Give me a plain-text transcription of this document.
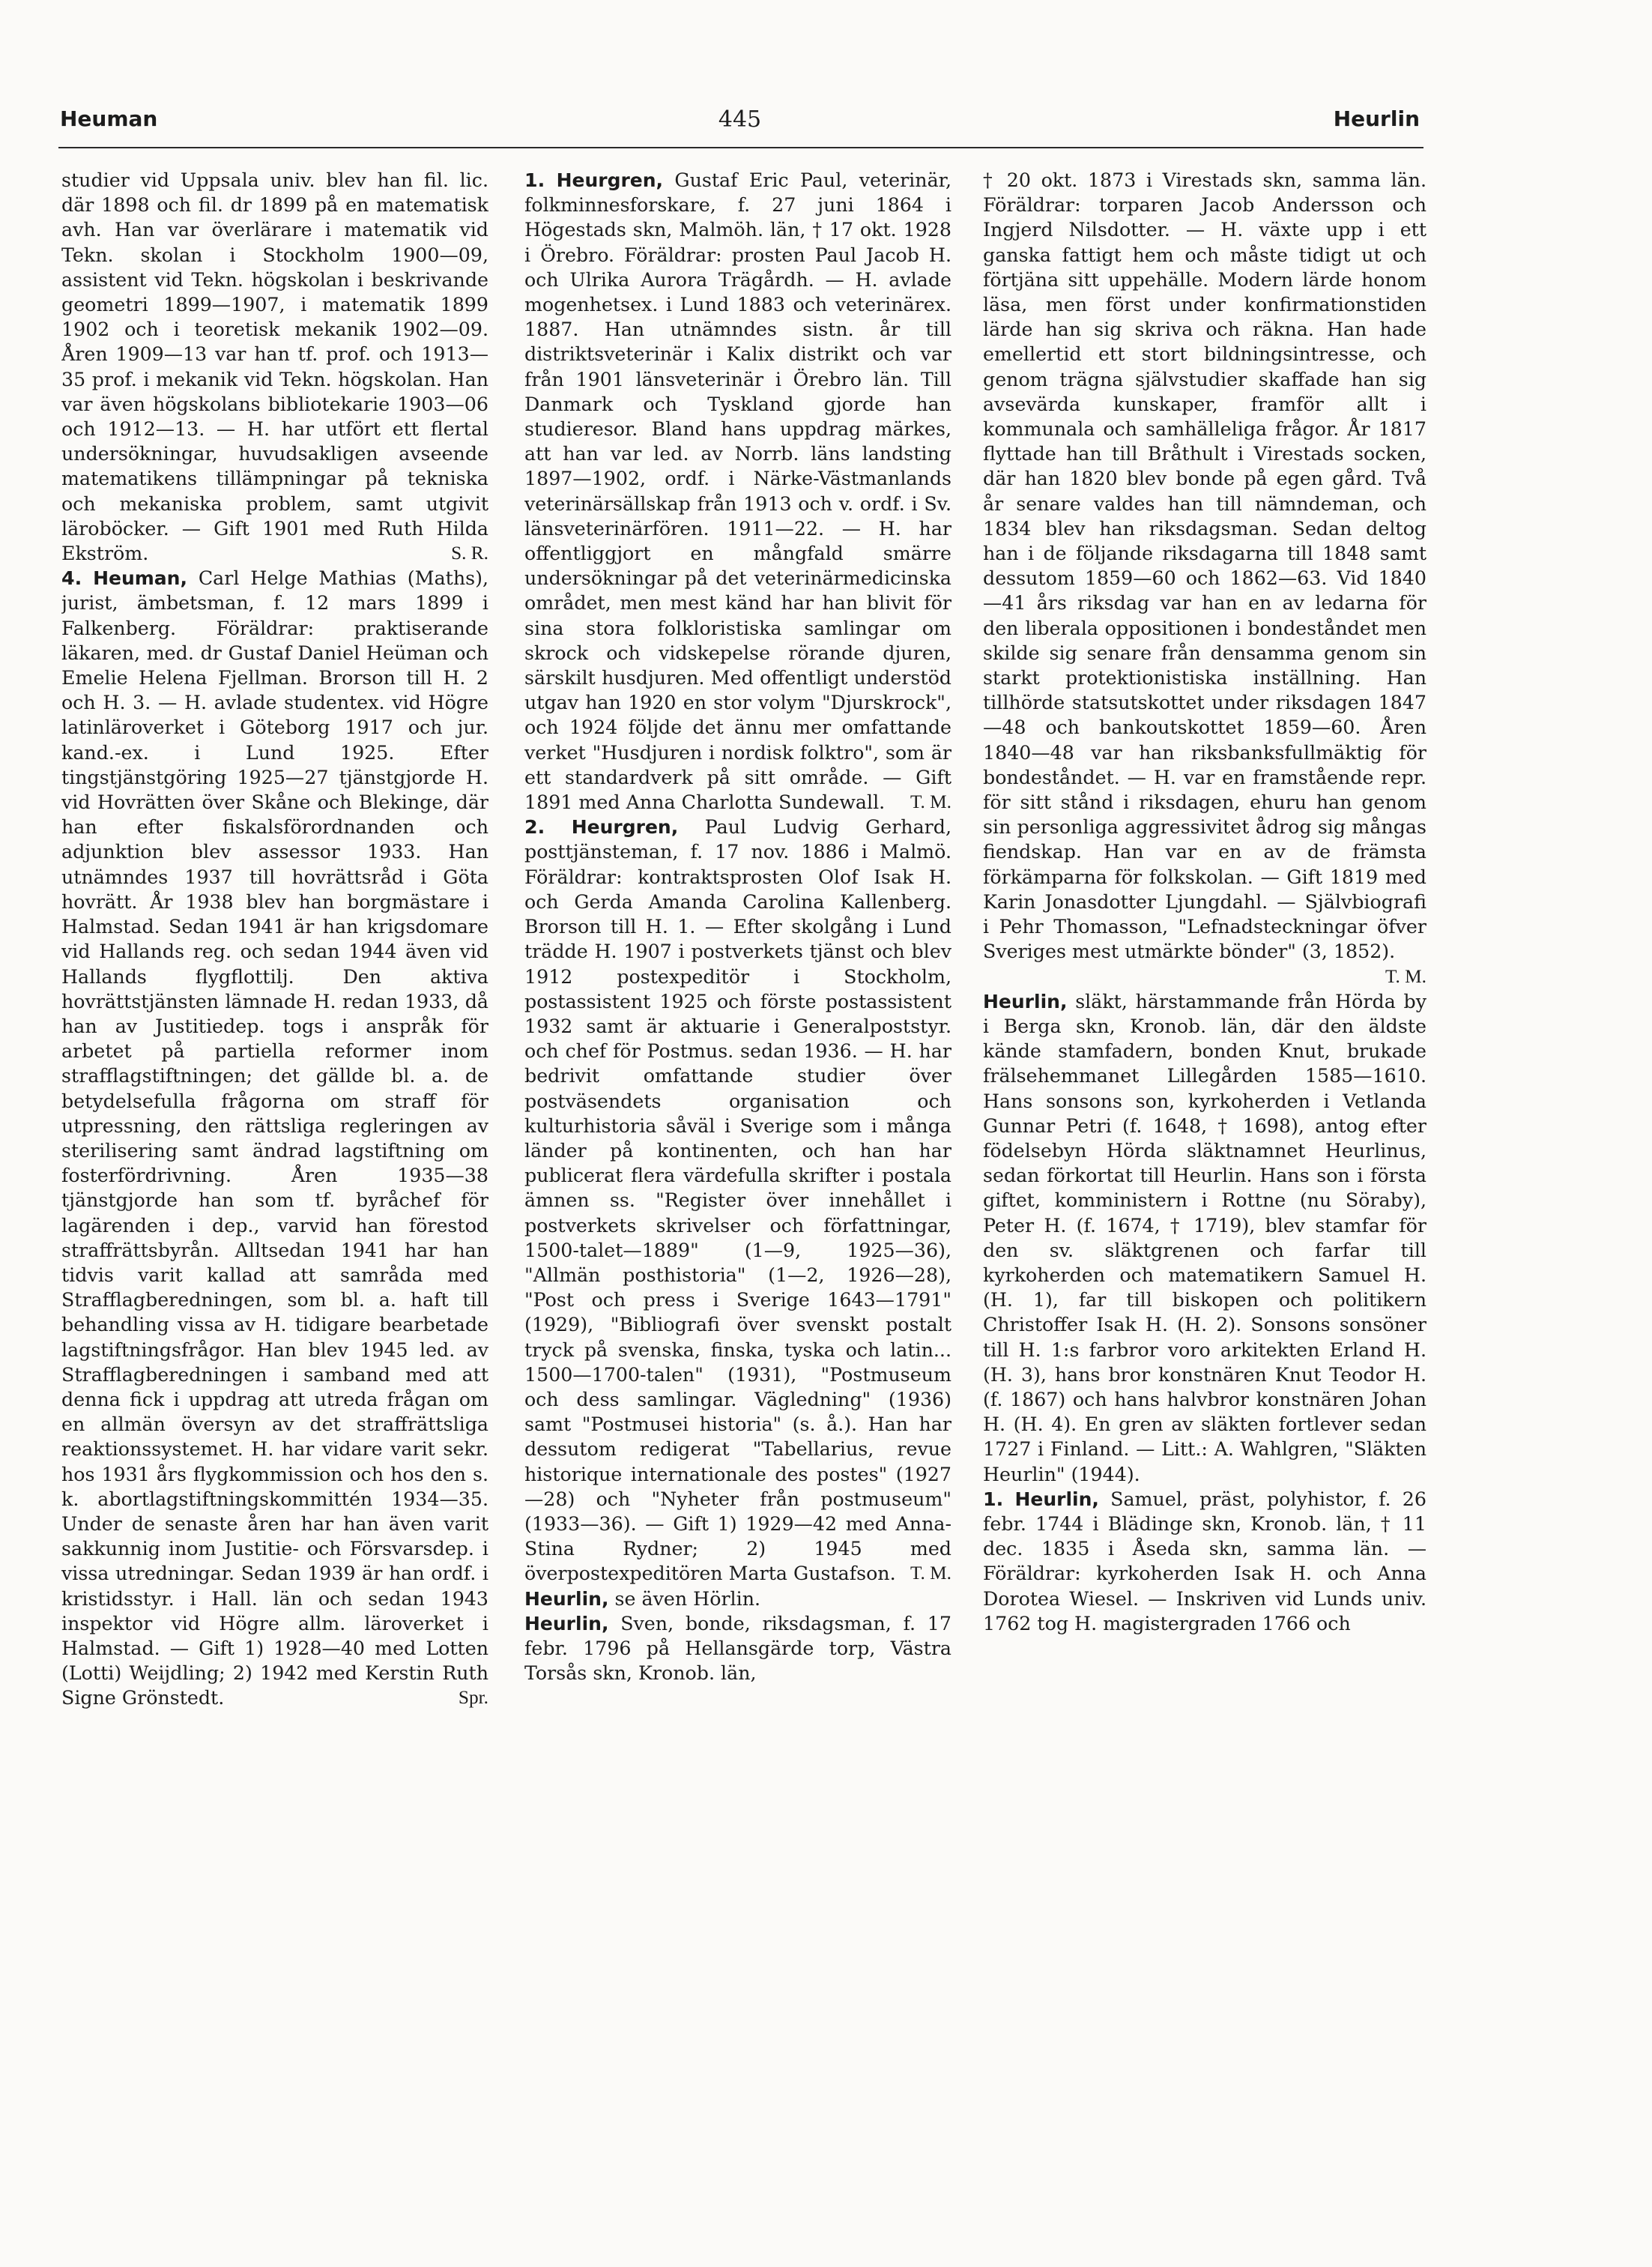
Heuman	445	Heurlin

studier vid Uppsala univ. blev han fil. lic. där 1898 och fil. dr 1899 på en matematisk avh. Han var överlärare i matematik vid Tekn. skolan i Stockholm 1900—09, assistent vid Tekn. högskolan i beskrivande geometri 1899—1907, i matematik 1899 1902 och i teoretisk mekanik 1902—09. Åren 1909—13 var han tf. prof. och 1913—35 prof. i mekanik vid Tekn. högskolan. Han var även högskolans bibliotekarie 1903—06 och 1912—13. — H. har utfört ett flertal undersökningar, huvudsakligen avseende matematikens tillämpningar på tekniska och mekaniska problem, samt utgivit läroböcker. — Gift 1901 med Ruth Hilda Ekström.	S. R.

4. Heuman, Carl Helge Mathias (Maths), jurist, ämbetsman, f. 12 mars 1899 i Falkenberg. Föräldrar: praktiserande läkaren, med. dr Gustaf Daniel Heüman och Emelie Helena Fjellman. Brorson till H. 2 och H. 3. — H. avlade studentex. vid Högre latinläroverket i Göteborg 1917 och jur. kand.-ex. i Lund 1925. Efter tingstjänstgöring 1925—27 tjänstgjorde H. vid Hovrätten över Skåne och Blekinge, där han efter fiskalsförordnanden och adjunktion blev assessor 1933. Han utnämndes 1937 till hovrättsråd i Göta hovrätt. År 1938 blev han borgmästare i Halmstad. Sedan 1941 är han krigsdomare vid Hallands reg. och sedan 1944 även vid Hallands flygflottilj. Den aktiva hovrättstjänsten lämnade H. redan 1933, då han av Justitiedep. togs i anspråk för arbetet på partiella reformer inom strafflagstiftningen; det gällde bl. a. de betydelsefulla frågorna om straff för utpressning, den rättsliga regleringen av sterilisering samt ändrad lagstiftning om fosterfördrivning. Åren 1935—38 tjänstgjorde han som tf. byråchef för lagärenden i dep., varvid han förestod straffrättsbyrån. Alltsedan 1941 har han tidvis varit kallad att samråda med Strafflagberedningen, som bl. a. haft till behandling vissa av H. tidigare bearbetade lagstiftningsfrågor. Han blev 1945 led. av Strafflagberedningen i samband med att denna fick i uppdrag att utreda frågan om en allmän översyn av det straffrättsliga reaktionssystemet. H. har vidare varit sekr. hos 1931 års flygkommission och hos den s. k. abortlagstiftningskommittén 1934—35. Under de senaste åren har han även varit sakkunnig inom Justitie- och Försvarsdep. i vissa utredningar. Sedan 1939 är han ordf. i kristidsstyr. i Hall. län och sedan 1943 inspektor vid Högre allm. läroverket i Halmstad. — Gift 1) 1928—40 med Lotten (Lotti) Weijdling; 2) 1942 med Kerstin Ruth Signe Grönstedt.	Spr.

1. Heurgren, Gustaf Eric Paul, veterinär, folkminnesforskare, f. 27 juni 1864 i Högestads skn, Malmöh. län, † 17 okt. 1928 i Örebro. Föräldrar: prosten Paul Jacob H. och Ulrika Aurora Trägårdh. — H. avlade mogenhetsex. i Lund 1883 och veterinärex. 1887. Han utnämndes sistn. år till distriktsveterinär i Kalix distrikt och var från 1901 länsveterinär i Örebro län. Till Danmark och Tyskland gjorde han studieresor. Bland hans uppdrag märkes, att han var led. av Norrb. läns landsting 1897—1902, ordf. i Närke-Västmanlands veterinärsällskap från 1913 och v. ordf. i Sv. länsveterinärfören. 1911—22. — H. har offentliggjort en mångfald smärre undersökningar på det veterinärmedicinska området, men mest känd har han blivit för sina stora folkloristiska samlingar om skrock och vidskepelse rörande djuren, särskilt husdjuren. Med offentligt understöd utgav han 1920 en stor volym "Djurskrock", och 1924 följde det ännu mer omfattande verket "Husdjuren i nordisk folktro", som är ett standardverk på sitt område. — Gift 1891 med Anna Charlotta Sundewall. T. M.

2. Heurgren, Paul Ludvig Gerhard, posttjänsteman, f. 17 nov. 1886 i Malmö. Föräldrar: kontraktsprosten Olof Isak H. och Gerda Amanda Carolina Kallenberg. Brorson till H. 1. — Efter skolgång i Lund trädde H. 1907 i postverkets tjänst och blev 1912 postexpeditör i Stockholm, postassistent 1925 och förste postassistent 1932 samt är aktuarie i Generalpoststyr. och chef för Postmus. sedan 1936. — H. har bedrivit omfattande studier över postväsendets organisation och kulturhistoria såväl i Sverige som i många länder på kontinenten, och han har publicerat flera värdefulla skrifter i postala ämnen ss. "Register över innehållet i postverkets skrivelser och författningar, 1500-talet—1889" (1—9, 1925—36), "Allmän posthistoria" (1—2, 1926—28), "Post och press i Sverige 1643—1791" (1929), "Bibliografi över svenskt postalt tryck på svenska, finska, tyska och latin... 1500—1700-talen" (1931), "Postmuseum och dess samlingar. Vägledning" (1936) samt "Postmusei historia" (s. å.). Han har dessutom redigerat "Tabellarius, revue historique internationale des postes" (1927—28) och "Nyheter från postmuseum" (1933—36). — Gift 1) 1929—42 med Anna-Stina Rydner; 2) 1945 med överpostexpeditören Marta Gustafson. T. M.

Heurlin, se även Hörlin.

Heurlin, Sven, bonde, riksdagsman, f. 17 febr. 1796 på Hellansgärde torp, Västra Torsås skn, Kronob. län,

† 20 okt. 1873 i Virestads skn, samma län. Föräldrar: torparen Jacob Andersson och Ingjerd Nilsdotter. — H. växte upp i ett ganska fattigt hem och måste tidigt ut och förtjäna sitt uppehälle. Modern lärde honom läsa, men först under konfirmationstiden lärde han sig skriva och räkna. Han hade emellertid ett stort bildningsintresse, och genom trägna självstudier skaffade han sig avsevärda kunskaper, framför allt i kommunala och samhälleliga frågor. År 1817 flyttade han till Bråthult i Virestads socken, där han 1820 blev bonde på egen gård. Två år senare valdes han till nämndeman, och 1834 blev han riksdagsman. Sedan deltog han i de följande riksdagarna till 1848 samt dessutom 1859—60 och 1862—63. Vid 1840—41 års riksdag var han en av ledarna för den liberala oppositionen i bondeståndet men skilde sig senare från densamma genom sin starkt protektionistiska inställning. Han tillhörde statsutskottet under riksdagen 1847—48 och bankoutskottet 1859—60. Åren 1840—48 var han riksbanksfullmäktig för bondeståndet. — H. var en framstående repr. för sitt stånd i riksdagen, ehuru han genom sin personliga aggressivitet ådrog sig mångas fiendskap. Han var en av de främsta förkämparna för folkskolan. — Gift 1819 med Karin Jonasdotter Ljungdahl. — Självbiografi i Pehr Thomasson, "Lefnadsteckningar öfver Sveriges mest utmärkte bönder" (3, 1852).
T. M.

Heurlin, släkt, härstammande från Hörda by i Berga skn, Kronob. län, där den äldste kände stamfadern, bonden Knut, brukade frälsehemmanet Lillegården 1585—1610. Hans sonsons son, kyrkoherden i Vetlanda Gunnar Petri (f. 1648, † 1698), antog efter födelsebyn Hörda släktnamnet Heurlinus, sedan förkortat till Heurlin. Hans son i första giftet, komministern i Rottne (nu Söraby), Peter H. (f. 1674, † 1719), blev stamfar för den sv. släktgrenen och farfar till kyrkoherden och matematikern Samuel H. (H. 1), far till biskopen och politikern Christoffer Isak H. (H. 2). Sonsons sonsöner till H. 1:s farbror voro arkitekten Erland H. (H. 3), hans bror konstnären Knut Teodor H. (f. 1867) och hans halvbror konstnären Johan H. (H. 4). En gren av släkten fortlever sedan 1727 i Finland. — Litt.: A. Wahlgren, "Släkten Heurlin" (1944).

1. Heurlin, Samuel, präst, polyhistor, f. 26 febr. 1744 i Blädinge skn, Kronob. län, † 11 dec. 1835 i Åseda skn, samma län. — Föräldrar: kyrkoherden Isak H. och Anna Dorotea Wiesel. — Inskriven vid Lunds univ. 1762 tog H. magistergraden 1766 och
